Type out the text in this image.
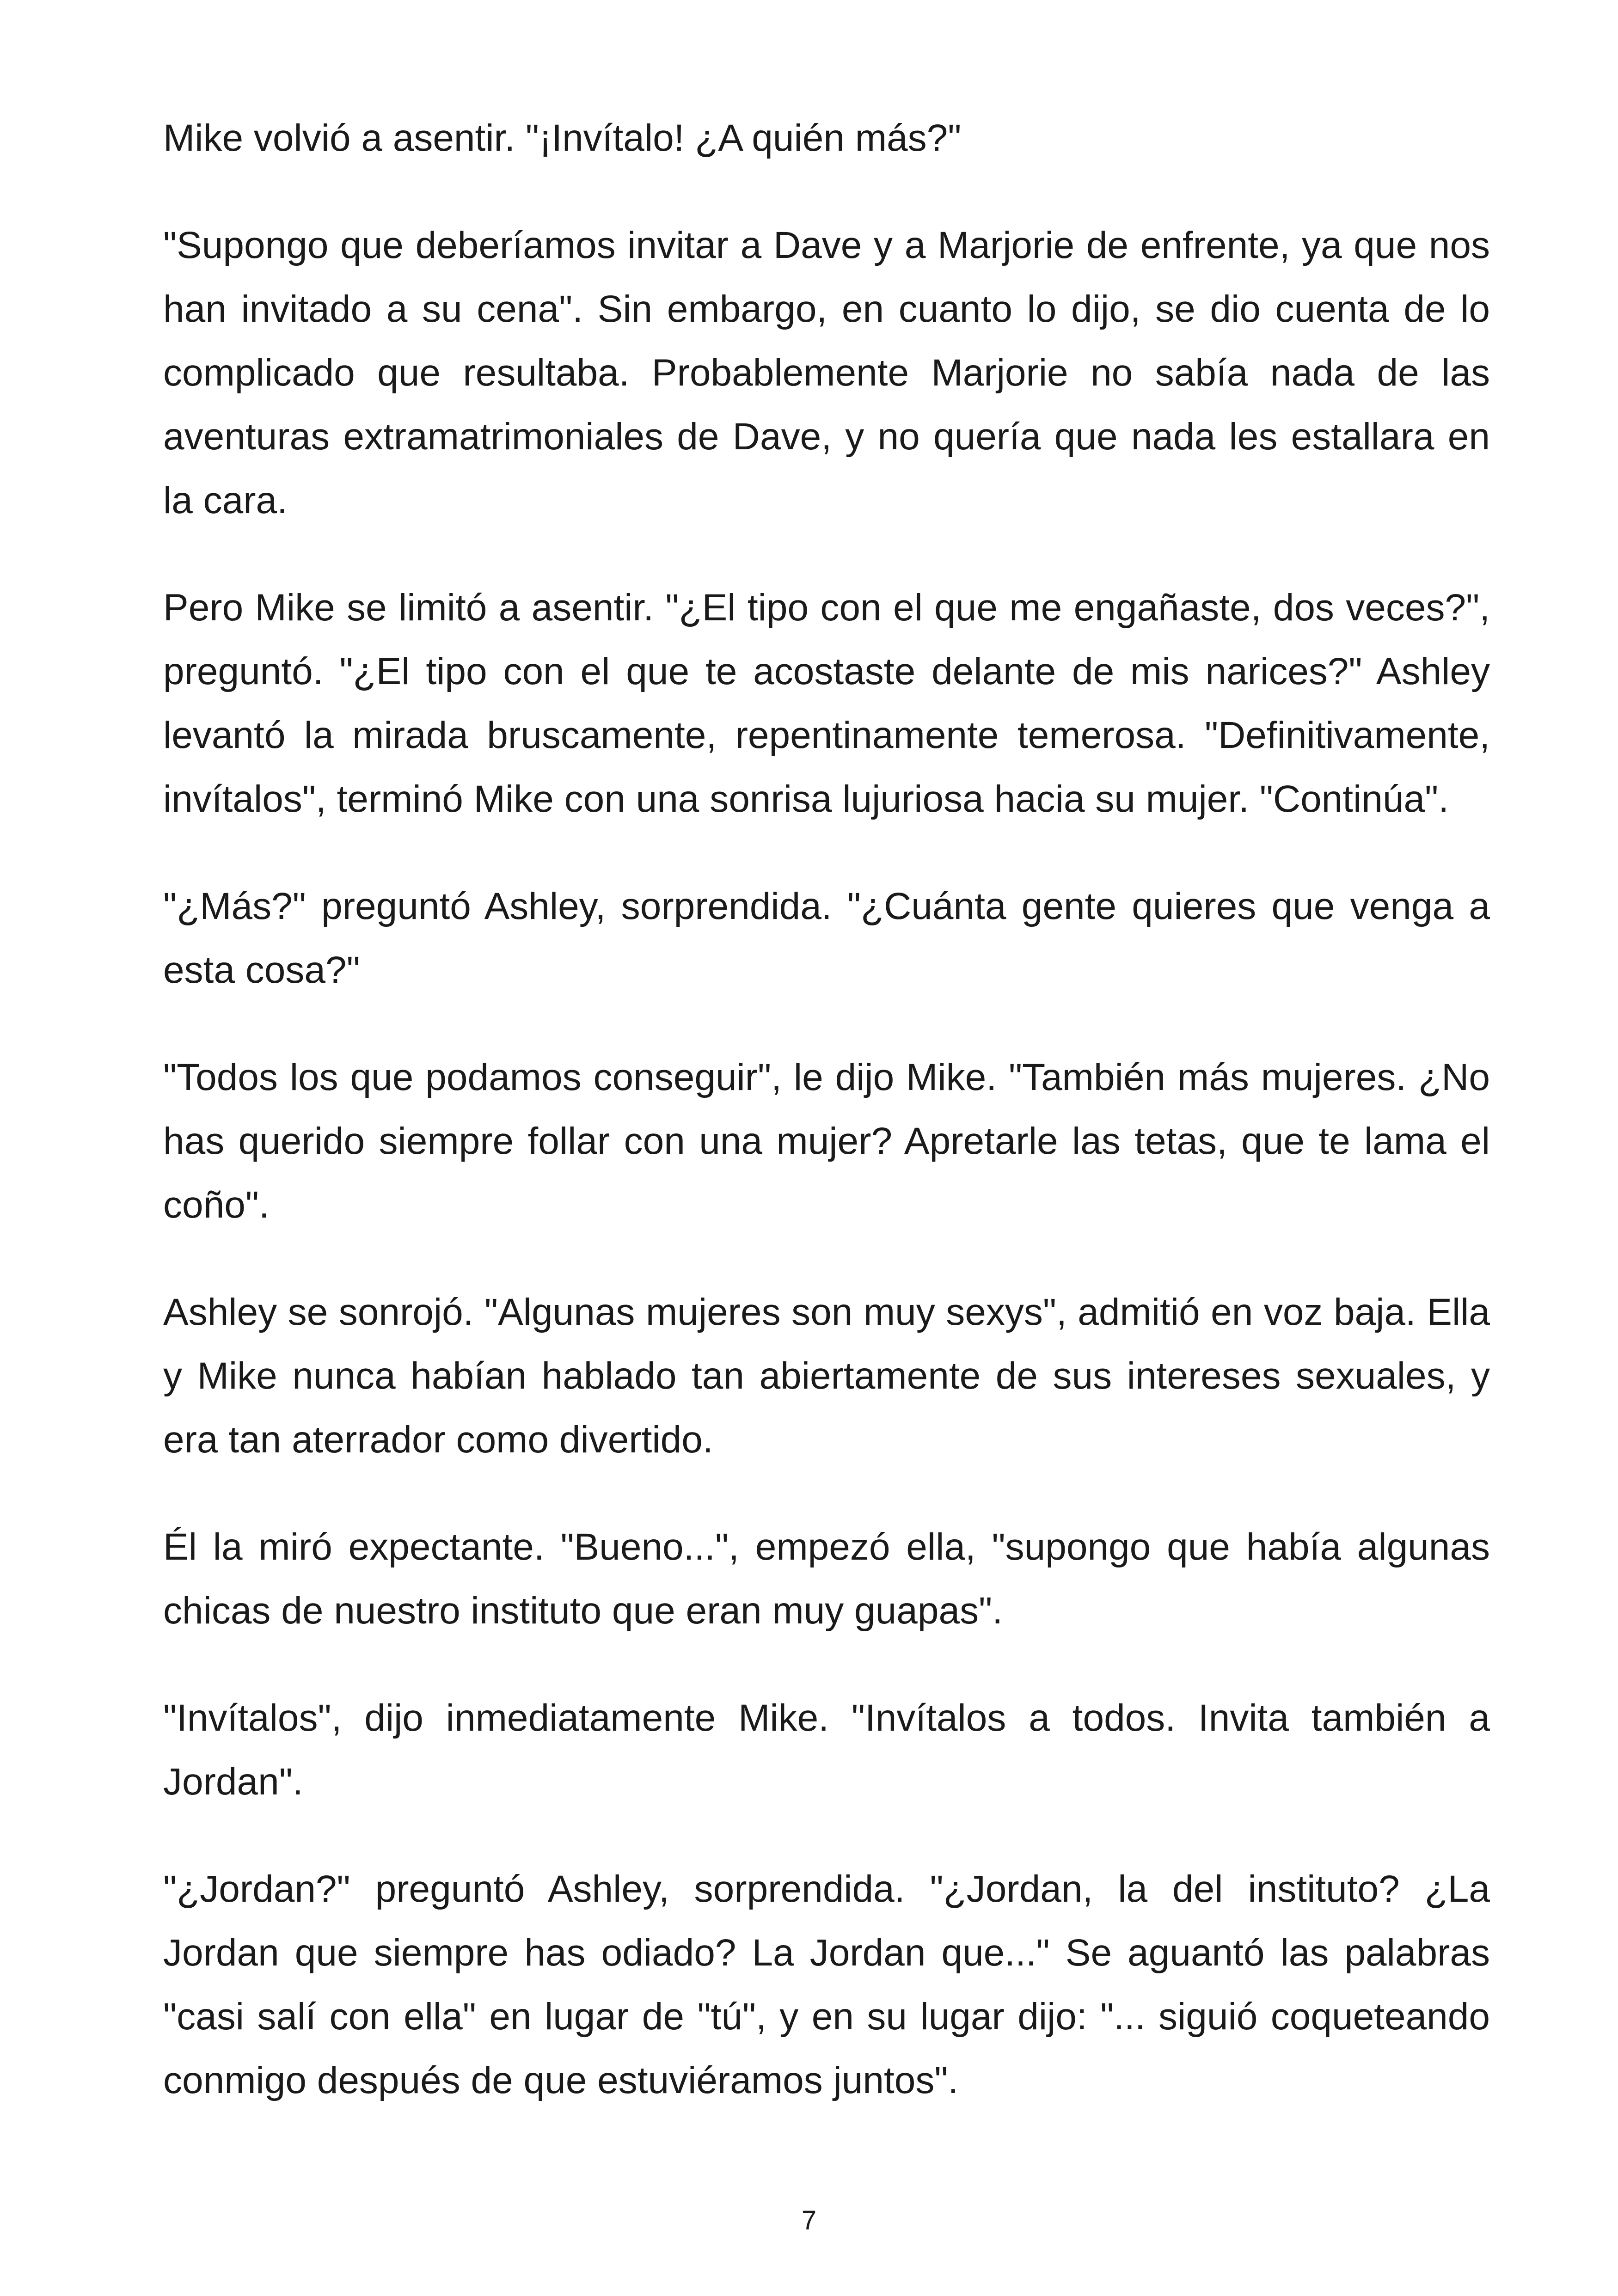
Mike volvió a asentir. "¡Invítalo! ¿A quién más?"

"Supongo que deberíamos invitar a Dave y a Marjorie de enfrente, ya que nos han invitado a su cena". Sin embargo, en cuanto lo dijo, se dio cuenta de lo complicado que resultaba. Probablemente Marjorie no sabía nada de las aventuras extramatrimoniales de Dave, y no quería que nada les estallara en la cara.

Pero Mike se limitó a asentir. "¿El tipo con el que me engañaste, dos veces?", preguntó. "¿El tipo con el que te acostaste delante de mis narices?" Ashley levantó la mirada bruscamente, repentinamente temerosa. "Definitivamente, invítalos", terminó Mike con una sonrisa lujuriosa hacia su mujer. "Continúa".

"¿Más?" preguntó Ashley, sorprendida. "¿Cuánta gente quieres que venga a esta cosa?"

"Todos los que podamos conseguir", le dijo Mike. "También más mujeres. ¿No has querido siempre follar con una mujer? Apretarle las tetas, que te lama el coño".

Ashley se sonrojó. "Algunas mujeres son muy sexys", admitió en voz baja. Ella y Mike nunca habían hablado tan abiertamente de sus intereses sexuales, y era tan aterrador como divertido.

Él la miró expectante. "Bueno...", empezó ella, "supongo que había algunas chicas de nuestro instituto que eran muy guapas".

"Invítalos", dijo inmediatamente Mike. "Invítalos a todos. Invita también a Jordan".

"¿Jordan?" preguntó Ashley, sorprendida. "¿Jordan, la del instituto? ¿La Jordan que siempre has odiado? La Jordan que..." Se aguantó las palabras "casi salí con ella" en lugar de "tú", y en su lugar dijo: "... siguió coqueteando conmigo después de que estuviéramos juntos".

7
